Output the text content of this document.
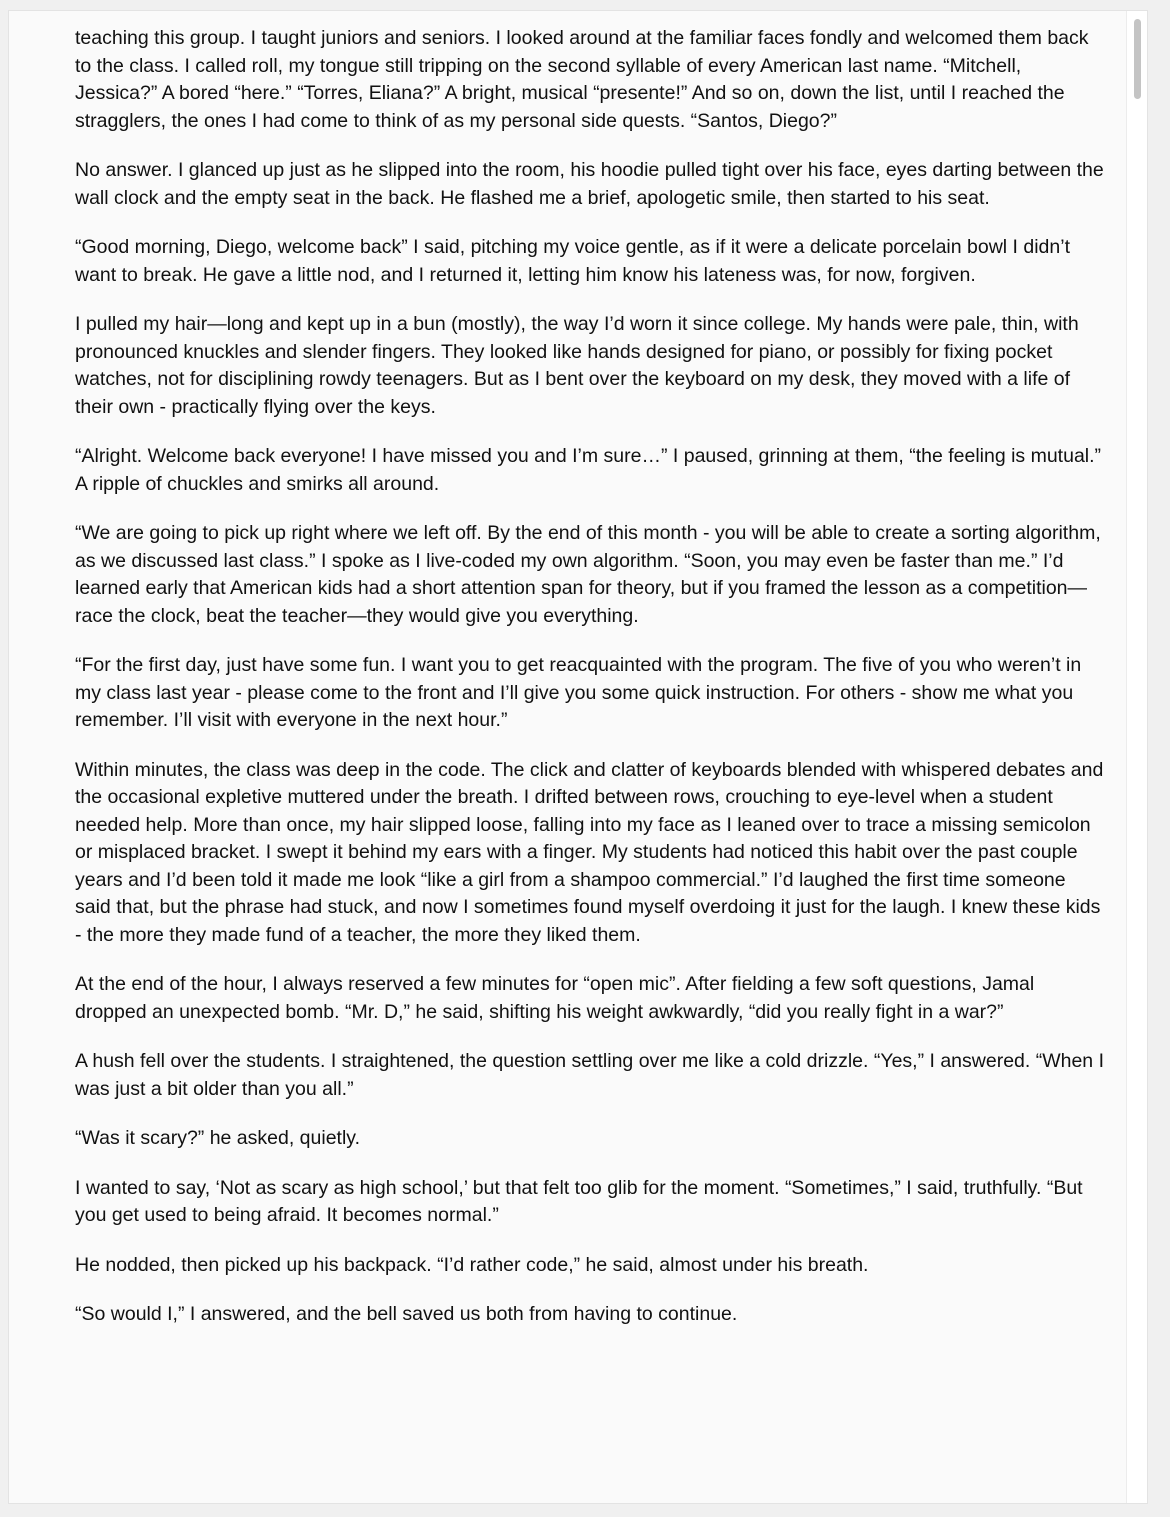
teaching this group. I taught juniors and seniors. I looked around at the familiar faces fondly and welcomed them back to the class. I called roll, my tongue still tripping on the second syllable of every American last name. “Mitchell, Jessica?” A bored “here.” “Torres, Eliana?” A bright, musical “presente!” And so on, down the list, until I reached the stragglers, the ones I had come to think of as my personal side quests. “Santos, Diego?”

No answer. I glanced up just as he slipped into the room, his hoodie pulled tight over his face, eyes darting between the wall clock and the empty seat in the back. He flashed me a brief, apologetic smile, then started to his seat.

“Good morning, Diego, welcome back” I said, pitching my voice gentle, as if it were a delicate porcelain bowl I didn’t want to break. He gave a little nod, and I returned it, letting him know his lateness was, for now, forgiven.

I pulled my hair—long and kept up in a bun (mostly), the way I’d worn it since college. My hands were pale, thin, with pronounced knuckles and slender fingers. They looked like hands designed for piano, or possibly for fixing pocket watches, not for disciplining rowdy teenagers. But as I bent over the keyboard on my desk, they moved with a life of their own - practically flying over the keys.

“Alright. Welcome back everyone! I have missed you and I’m sure…” I paused, grinning at them, “the feeling is mutual.” A ripple of chuckles and smirks all around.

“We are going to pick up right where we left off. By the end of this month - you will be able to create a sorting algorithm, as we discussed last class.” I spoke as I live-coded my own algorithm. “Soon, you may even be faster than me.” I’d learned early that American kids had a short attention span for theory, but if you framed the lesson as a competition—race the clock, beat the teacher—they would give you everything.

“For the first day, just have some fun. I want you to get reacquainted with the program. The five of you who weren’t in my class last year - please come to the front and I’ll give you some quick instruction. For others - show me what you remember. I’ll visit with everyone in the next hour.”

Within minutes, the class was deep in the code. The click and clatter of keyboards blended with whispered debates and the occasional expletive muttered under the breath. I drifted between rows, crouching to eye-level when a student needed help. More than once, my hair slipped loose, falling into my face as I leaned over to trace a missing semicolon or misplaced bracket. I swept it behind my ears with a finger. My students had noticed this habit over the past couple years and I’d been told it made me look “like a girl from a shampoo commercial.” I’d laughed the first time someone said that, but the phrase had stuck, and now I sometimes found myself overdoing it just for the laugh. I knew these kids - the more they made fund of a teacher, the more they liked them.

At the end of the hour, I always reserved a few minutes for “open mic”. After fielding a few soft questions, Jamal dropped an unexpected bomb. “Mr. D,” he said, shifting his weight awkwardly, “did you really fight in a war?”

A hush fell over the students. I straightened, the question settling over me like a cold drizzle. “Yes,” I answered. “When I was just a bit older than you all.”

“Was it scary?” he asked, quietly.

I wanted to say, ‘Not as scary as high school,’ but that felt too glib for the moment. “Sometimes,” I said, truthfully. “But you get used to being afraid. It becomes normal.”

He nodded, then picked up his backpack. “I’d rather code,” he said, almost under his breath.

“So would I,” I answered, and the bell saved us both from having to continue.
